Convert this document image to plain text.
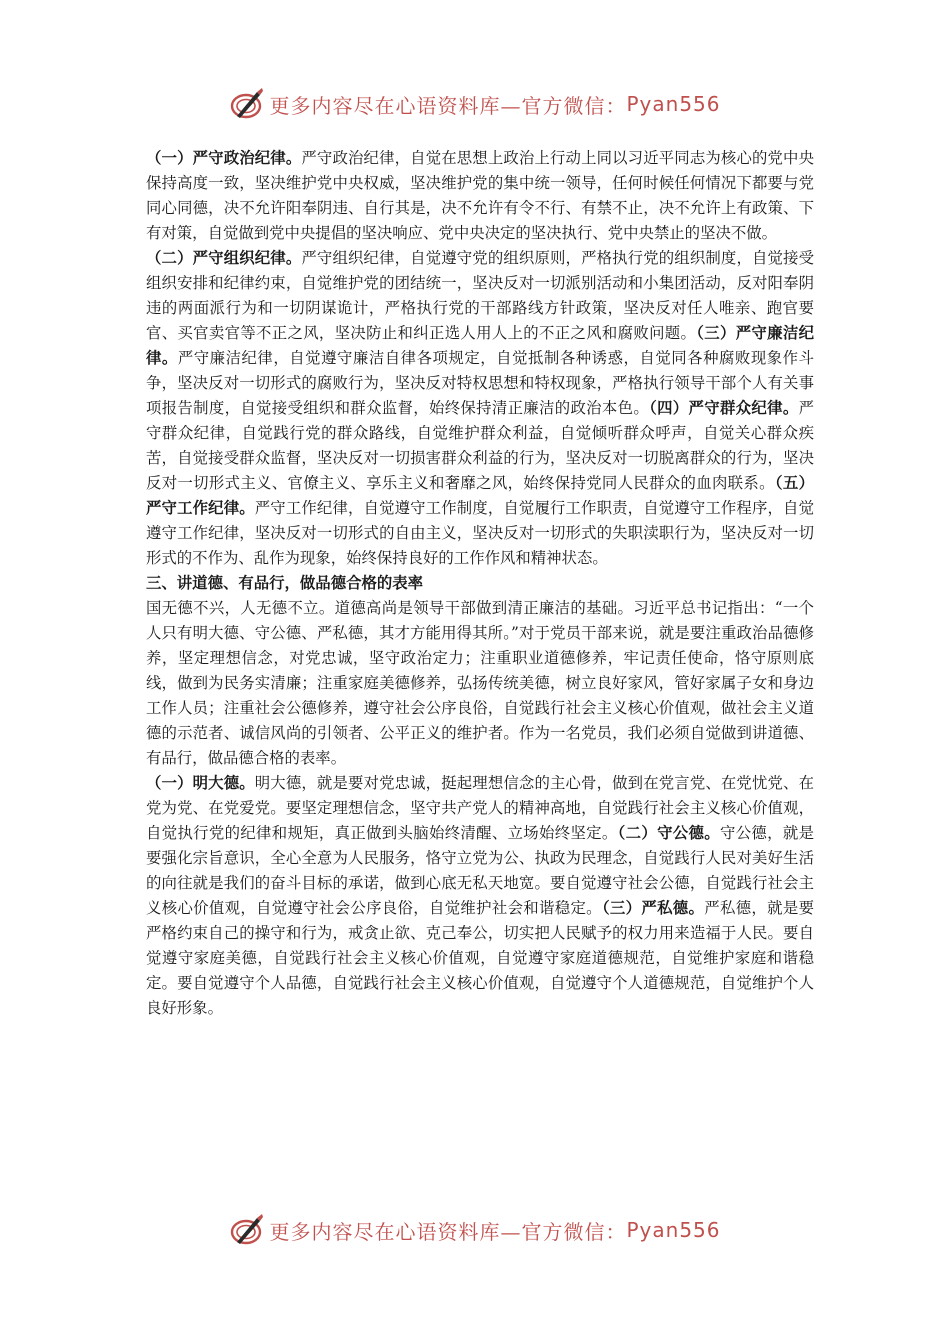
更多内容尽在心语资料库—官方微信： Pyan556

（一）严守政治纪律。严守政治纪律，自觉在思想上政治上行动上同以习近平同志为核心的党中央保持高度一致，坚决维护党中央权威，坚决维护党的集中统一领导，任何时候任何情况下都要与党同心同德，决不允许阳奉阴违、自行其是，决不允许有令不行、有禁不止，决不允许上有政策、下有对策，自觉做到党中央提倡的坚决响应、党中央决定的坚决执行、党中央禁止的坚决不做。

（二）严守组织纪律。严守组织纪律，自觉遵守党的组织原则，严格执行党的组织制度，自觉接受组织安排和纪律约束，自觉维护党的团结统一，坚决反对一切派别活动和小集团活动，反对阳奉阴违的两面派行为和一切阴谋诡计，严格执行党的干部路线方针政策，坚决反对任人唯亲、跑官要官、买官卖官等不正之风，坚决防止和纠正选人用人上的不正之风和腐败问题。（三）严守廉洁纪律。严守廉洁纪律，自觉遵守廉洁自律各项规定，自觉抵制各种诱惑，自觉同各种腐败现象作斗争，坚决反对一切形式的腐败行为，坚决反对特权思想和特权现象，严格执行领导干部个人有关事项报告制度，自觉接受组织和群众监督，始终保持清正廉洁的政治本色。（四）严守群众纪律。严守群众纪律，自觉践行党的群众路线，自觉维护群众利益，自觉倾听群众呼声，自觉关心群众疾苦，自觉接受群众监督，坚决反对一切损害群众利益的行为，坚决反对一切脱离群众的行为，坚决反对一切形式主义、官僚主义、享乐主义和奢靡之风，始终保持党同人民群众的血肉联系。（五）严守工作纪律。严守工作纪律，自觉遵守工作制度，自觉履行工作职责，自觉遵守工作程序，自觉遵守工作纪律，坚决反对一切形式的自由主义，坚决反对一切形式的失职渎职行为，坚决反对一切形式的不作为、乱作为现象，始终保持良好的工作作风和精神状态。

三、讲道德、有品行，做品德合格的表率

国无德不兴，人无德不立。道德高尚是领导干部做到清正廉洁的基础。习近平总书记指出：“一个人只有明大德、守公德、严私德，其才方能用得其所。”对于党员干部来说，就是要注重政治品德修养，坚定理想信念，对党忠诚，坚守政治定力；注重职业道德修养，牢记责任使命，恪守原则底线，做到为民务实清廉；注重家庭美德修养，弘扬传统美德，树立良好家风，管好家属子女和身边工作人员；注重社会公德修养，遵守社会公序良俗，自觉践行社会主义核心价值观，做社会主义道德的示范者、诚信风尚的引领者、公平正义的维护者。作为一名党员，我们必须自觉做到讲道德、有品行，做品德合格的表率。

（一）明大德。明大德，就是要对党忠诚，挺起理想信念的主心骨，做到在党言党、在党忧党、在党为党、在党爱党。要坚定理想信念，坚守共产党人的精神高地，自觉践行社会主义核心价值观，自觉执行党的纪律和规矩，真正做到头脑始终清醒、立场始终坚定。（二）守公德。守公德，就是要强化宗旨意识，全心全意为人民服务，恪守立党为公、执政为民理念，自觉践行人民对美好生活的向往就是我们的奋斗目标的承诺，做到心底无私天地宽。要自觉遵守社会公德，自觉践行社会主义核心价值观，自觉遵守社会公序良俗，自觉维护社会和谐稳定。（三）严私德。严私德，就是要严格约束自己的操守和行为，戒贪止欲、克己奉公，切实把人民赋予的权力用来造福于人民。要自觉遵守家庭美德，自觉践行社会主义核心价值观，自觉遵守家庭道德规范，自觉维护家庭和谐稳定。要自觉遵守个人品德，自觉践行社会主义核心价值观，自觉遵守个人道德规范，自觉维护个人良好形象。

更多内容尽在心语资料库—官方微信： Pyan556
